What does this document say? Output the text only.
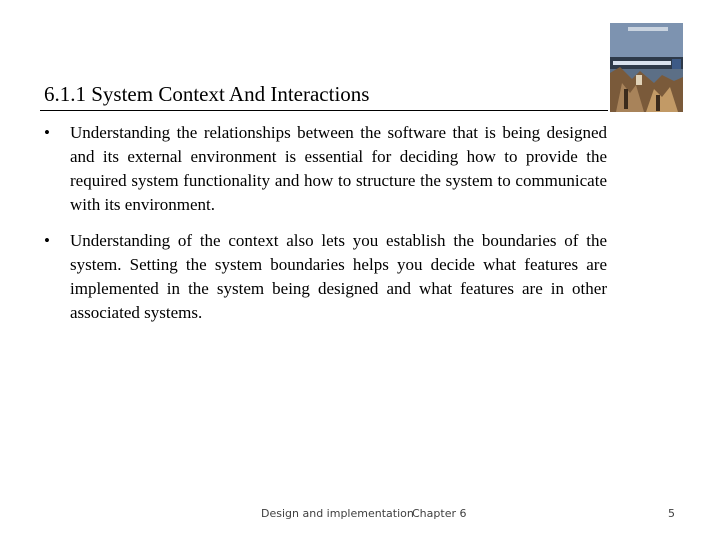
6.1.1 System Context And Interactions
• Understanding the relationships between the software that is being designed and its external environment is essential for deciding how to provide the required system functionality and how to structure the system to communicate with its environment.
• Understanding of the context also lets you establish the boundaries of the system. Setting the system boundaries helps you decide what features are implemented in the system being designed and what features are in other associated systems.
Design and implementation
Chapter 6	5
